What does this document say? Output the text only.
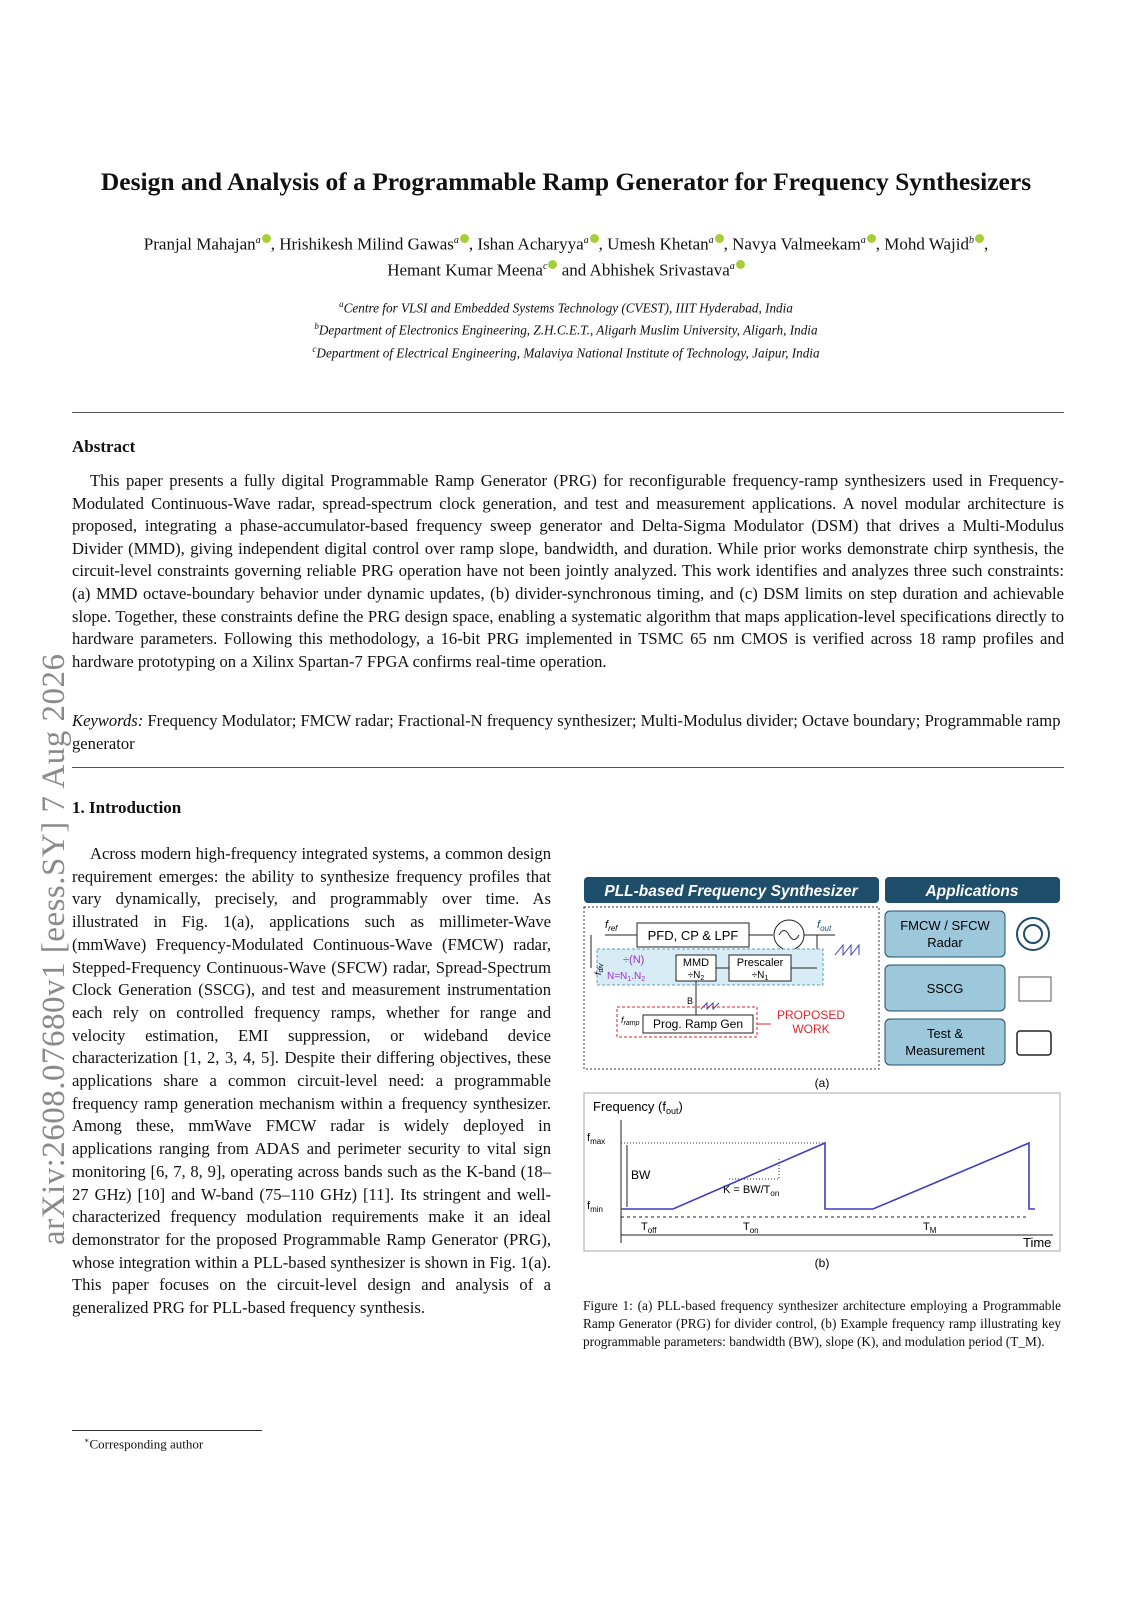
arXiv:2608.07680v1 [eess.SY] 7 Aug 2026
Design and Analysis of a Programmable Ramp Generator for Frequency Synthesizers
Pranjal Mahajan$^a$ , Hrishikesh Milind Gawas$^a$ , Ishan Acharyya$^a$ , Umesh Khetan$^a$ , Navya Valmeekam$^a$ , Mohd Wajid$^b$ ,
Hemant Kumar Meena$^c$ and Abhishek Srivastava$^a$
$^a$Centre for VLSI and Embedded Systems Technology (CVEST), IIIT Hyderabad, India
$^b$Department of Electronics Engineering, Z.H.C.E.T., Aligarh Muslim University, Aligarh, India
$^c$Department of Electrical Engineering, Malaviya National Institute of Technology, Jaipur, India
Abstract

This paper presents a fully digital Programmable Ramp Generator (PRG) for reconfigurable frequency-ramp synthesizers used in Frequency-Modulated Continuous-Wave radar, spread-spectrum clock generation, and test and measurement applications. A novel modular architecture is proposed, integrating a phase-accumulator-based frequency sweep generator and Delta-Sigma Modulator (DSM) that drives a Multi-Modulus Divider (MMD), giving independent digital control over ramp slope, bandwidth, and duration. While prior works demonstrate chirp synthesis, the circuit-level constraints governing reliable PRG operation have not been jointly analyzed. This work identifies and analyzes three such constraints: (a) MMD octave-boundary behavior under dynamic updates, (b) divider-synchronous timing, and (c) DSM limits on step duration and achievable slope. Together, these constraints define the PRG design space, enabling a systematic algorithm that maps application-level specifications directly to hardware parameters. Following this methodology, a 16-bit PRG implemented in TSMC 65 nm CMOS is verified across 18 ramp profiles and hardware prototyping on a Xilinx Spartan-7 FPGA confirms real-time operation.

Keywords: Frequency Modulator; FMCW radar; Fractional-N frequency synthesizer; Multi-Modulus divider; Octave boundary; Programmable ramp generator

1. Introduction

Across modern high-frequency integrated systems, a common design requirement emerges: the ability to synthesize frequency profiles that vary dynamically, precisely, and programmably over time. As illustrated in Fig. 1(a), applications such as millimeter-Wave (mmWave) Frequency-Modulated Continuous-Wave (FMCW) radar, Stepped-Frequency Continuous-Wave (SFCW) radar, Spread-Spectrum Clock Generation (SSCG), and test and measurement instrumentation each rely on controlled frequency ramps, whether for range and velocity estimation, EMI suppression, or wideband device characterization [1, 2, 3, 4, 5]. Despite their differing objectives, these applications share a common circuit-level need: a programmable frequency ramp generation mechanism within a frequency synthesizer. Among these, mmWave FMCW radar is widely deployed in applications ranging from ADAS and perimeter security to vital sign monitoring [6, 7, 8, 9], operating across bands such as the K-band (18–27 GHz) [10] and W-band (75–110 GHz) [11]. Its stringent and well-characterized frequency modulation requirements make it an ideal demonstrator for the proposed Programmable Ramp Generator (PRG), whose integration within a PLL-based synthesizer is shown in Fig. 1(a). This paper focuses on the circuit-level design and analysis of a generalized PRG for PLL-based frequency synthesis.

∗Corresponding author
PLL-based Frequency Synthesizer	Applications
$f_{ref}$ PFD, CP & LPF
$f_{out}$
$f_{div}$
÷(N)
$N=N_1.N_2$
MMD
$\div N_2$
Prescaler
$\div N_1$
B
$f_{ramp}$ Prog. Ramp Gen
PROPOSED
WORK
FMCW / SFCW
Radar
SSCG
Test &
Measurement
(a)
Frequency $(f_{out})$
Time
$f_{max}$
$f_{min}$
BW
$K = BW/T_{on}$
$T_{off}$	$T_{on}$	$T_M$
(b)

Figure 1: (a) PLL-based frequency synthesizer architecture employing a Programmable Ramp Generator (PRG) for divider control, (b) Example frequency ramp illustrating key programmable parameters: bandwidth (BW), slope (K), and modulation period (T_M).
